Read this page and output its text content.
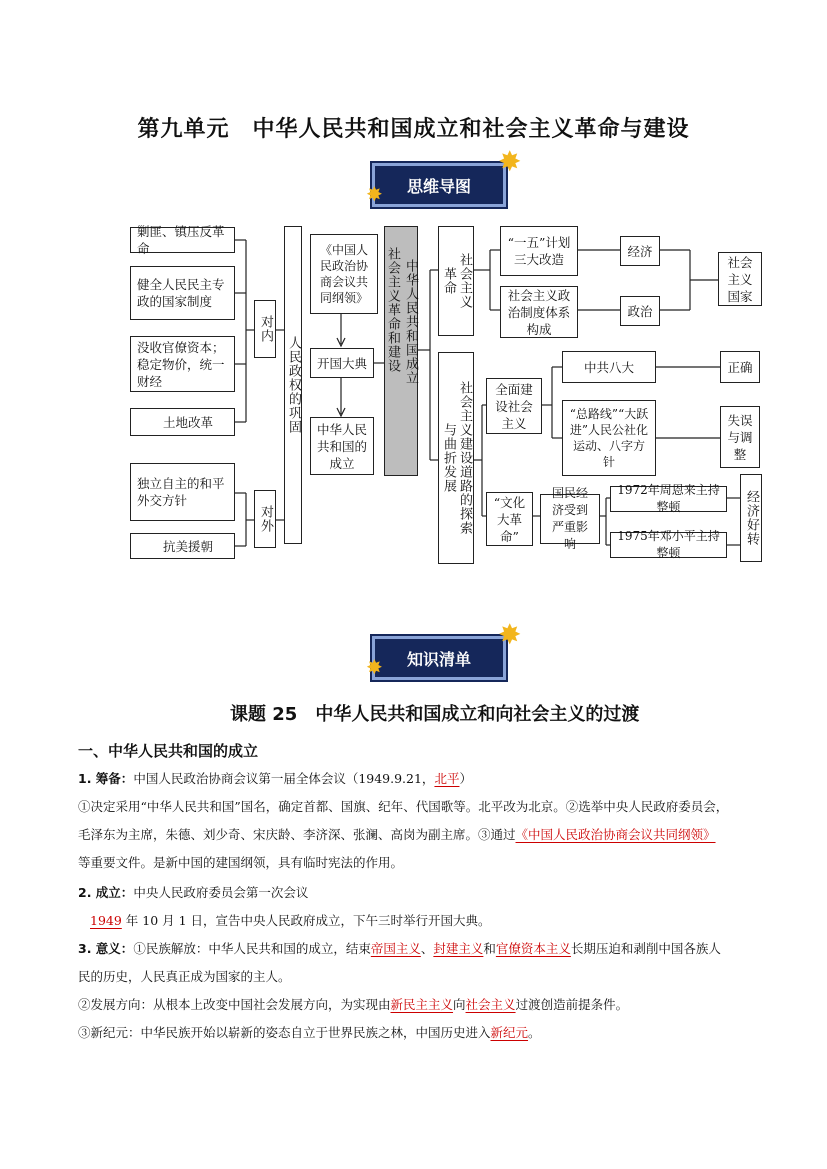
第九单元　中华人民共和国成立和社会主义革命与建设
思维导图
✸
✸
剿匪、镇压反革命
健全人民民主专政的国家制度
没收官僚资本；稳定物价，统一财经
土地改革
独立自主的和平外交方针
抗美援朝
对内
对外
人民政权的巩固
《中国人民政治协商会议共同纲领》
开国大典
中华人民共和国的成立
社会主义革命和建设 中华人民共和国成立	社会主义革命
社会主义建设道路的探索与曲折发展
“一五”计划三大改造
社会主义政治制度体系构成
经济
政治
社会主义国家
全面建设社会主义
中共八大	正确
“总路线”“大跃进”人民公社化运动、八字方针
失误与调整
“文化大革命”
国民经济受到严重影响
1972年周恩来主持整顿
1975年邓小平主持整顿
经济好转
知识清单
✸
✸
课题 25　中华人民共和国成立和向社会主义的过渡
一、中华人民共和国的成立
1. 筹备：中国人民政治协商会议第一届全体会议（1949.9.21，北平）
①决定采用“中华人民共和国”国名，确定首都、国旗、纪年、代国歌等。北平改为北京。②选举中央人民政府委员会，
毛泽东为主席，朱德、刘少奇、宋庆龄、李济深、张澜、高岗为副主席。③通过《中国人民政治协商会议共同纲领》
等重要文件。是新中国的建国纲领，具有临时宪法的作用。
2. 成立：中央人民政府委员会第一次会议
1949 年 10 月 1 日，宣告中央人民政府成立，下午三时举行开国大典。
3. 意义：①民族解放：中华人民共和国的成立，结束帝国主义、封建主义和官僚资本主义长期压迫和剥削中国各族人
民的历史，人民真正成为国家的主人。
②发展方向：从根本上改变中国社会发展方向，为实现由新民主主义向社会主义过渡创造前提条件。
③新纪元：中华民族开始以崭新的姿态自立于世界民族之林，中国历史进入新纪元。
